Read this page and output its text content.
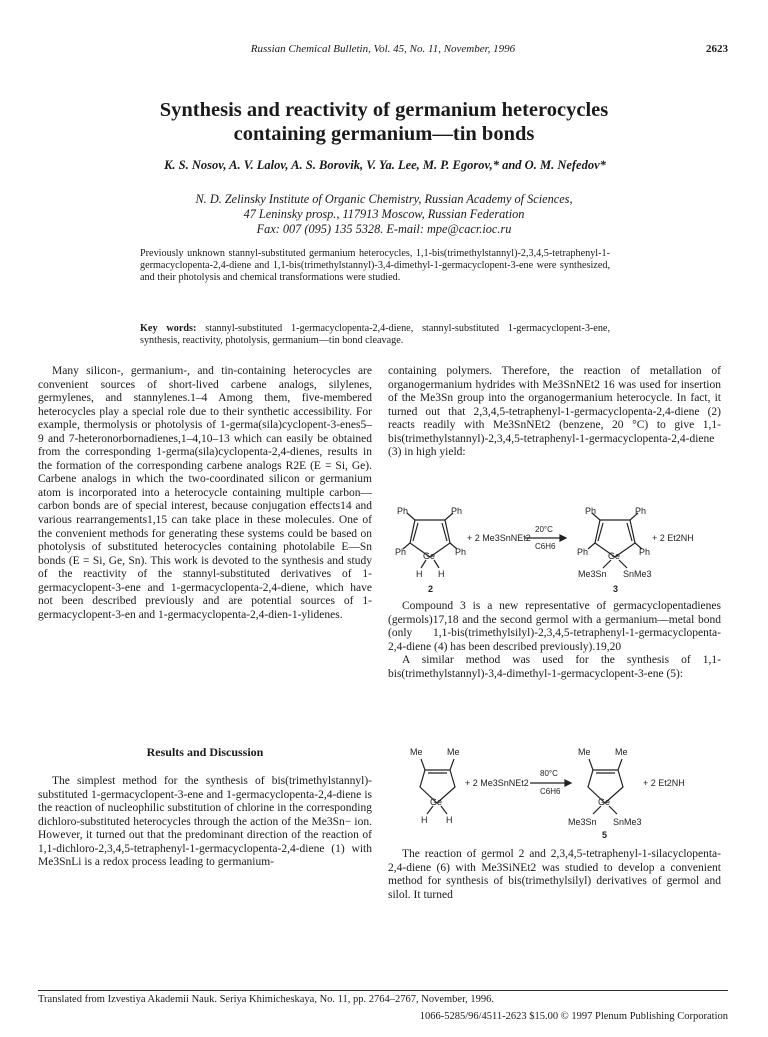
Russian Chemical Bulletin, Vol. 45, No. 11, November, 1996	2623
Synthesis and reactivity of germanium heterocycles
containing germanium—tin bonds
K. S. Nosov, A. V. Lalov, A. S. Borovik, V. Ya. Lee, M. P. Egorov,* and O. M. Nefedov*
N. D. Zelinsky Institute of Organic Chemistry, Russian Academy of Sciences,
47 Leninsky prosp., 117913 Moscow, Russian Federation
Fax: 007 (095) 135 5328. E-mail: mpe@cacr.ioc.ru
Previously unknown stannyl-substituted germanium heterocycles, 1,1-bis(trimethylstannyl)-2,3,4,5-tetraphenyl-1-germacyclopenta-2,4-diene and 1,1-bis(trimethylstannyl)-3,4-dimethyl-1-germacyclopent-3-ene were synthesized, and their photolysis and chemical transformations were studied.
Key words: stannyl-substituted 1-germacyclopenta-2,4-diene, stannyl-substituted 1-germacyclopent-3-ene, synthesis, reactivity, photolysis, germanium—tin bond cleavage.

Many silicon-, germanium-, and tin-containing heterocycles are convenient sources of short-lived carbene analogs, silylenes, germylenes, and stannylenes.1–4 Among them, five-membered heterocycles play a special role due to their synthetic accessibility. For example, thermolysis or photolysis of 1-germa(sila)cyclopent-3-enes5–9 and 7-heteronorbornadienes,1–4,10–13 which can easily be obtained from the corresponding 1-germa(sila)cyclopenta-2,4-dienes, results in the formation of the corresponding carbene analogs R2E (E = Si, Ge). Carbene analogs in which the two-coordinated silicon or germanium atom is incorporated into a heterocycle containing multiple carbon—carbon bonds are of special interest, because conjugation effects14 and various rearrangements1,15 can take place in these molecules. One of the convenient methods for generating these systems could be based on photolysis of substituted heterocycles containing photolabile E—Sn bonds (E = Si, Ge, Sn). This work is devoted to the synthesis and study of the reactivity of the stannyl-substituted derivatives of 1-germacyclopent-3-ene and 1-germacyclopenta-2,4-diene, which have not been described previously and are potential sources of 1-germacyclopent-3-en and 1-germacyclopenta-2,4-dien-1-ylidenes.

Results and Discussion

The simplest method for the synthesis of bis(trimethylstannyl)-substituted 1-germacyclopent-3-ene and 1-germacyclopenta-2,4-diene is the reaction of nucleophilic substitution of chlorine in the corresponding dichloro-substituted heterocycles through the action of the Me3Sn− ion. However, it turned out that the predominant direction of the reaction of 1,1-dichloro-2,3,4,5-tetraphenyl-1-germacyclopenta-2,4-diene (1) with Me3SnLi is a redox process leading to germanium-

containing polymers. Therefore, the reaction of metallation of organogermanium hydrides with Me3SnNEt2 16 was used for insertion of the Me3Sn group into the organogermanium heterocycle. In fact, it turned out that 2,3,4,5-tetraphenyl-1-germacyclopenta-2,4-diene (2) reacts readily with Me3SnNEt2 (benzene, 20 °C) to give 1,1-bis(trimethylstannyl)-2,3,4,5-tetraphenyl-1-germacyclopenta-2,4-diene (3) in high yield:

Ph	Ph
Ph	Ph
Ge
H H
2
+ 2 Me3SnNEt2
20°C
C6H6
Ph	Ph
Ph	Ph
Ge
Me3Sn SnMe3
3
+ 2 Et2NH

Compound 3 is a new representative of germacyclopentadienes (germols)17,18 and the second germol with a germanium—metal bond (only 1,1-bis(trimethylsilyl)-2,3,4,5-tetraphenyl-1-germacyclopenta-2,4-diene (4) has been described previously).19,20

A similar method was used for the synthesis of 1,1-bis(trimethylstannyl)-3,4-dimethyl-1-germacyclopent-3-ene (5):

Me	Me
Ge
H H
+ 2 Me3SnNEt2
80°C
C6H6
Me	Me
Ge
Me3Sn SnMe3
5
+ 2 Et2NH

The reaction of germol 2 and 2,3,4,5-tetraphenyl-1-silacyclopenta-2,4-diene (6) with Me3SiNEt2 was studied to develop a convenient method for synthesis of bis(trimethylsilyl) derivatives of germol and silol. It turned

Translated from Izvestiya Akademii Nauk. Seriya Khimicheskaya, No. 11, pp. 2764–2767, November, 1996.
1066-5285/96/4511-2623 $15.00 © 1997 Plenum Publishing Corporation
